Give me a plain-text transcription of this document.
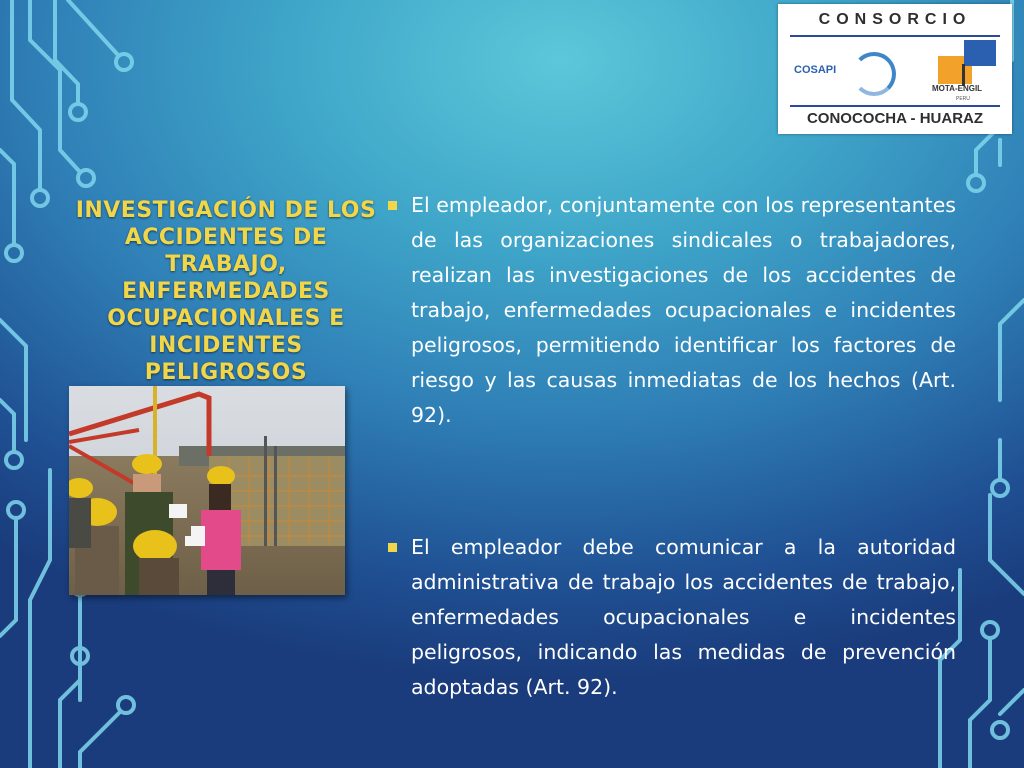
CONSORCIO
COSAPI
MOTA-ENGIL
PERU
CONOCOCHA - HUARAZ
INVESTIGACIÓN DE LOS ACCIDENTES DE TRABAJO, ENFERMEDADES OCUPACIONALES E INCIDENTES PELIGROSOS
El empleador, conjuntamente con los representantes de las organizaciones sindicales o trabajadores, realizan las investigaciones de los accidentes de trabajo, enfermedades ocupacionales e incidentes peligrosos, permitiendo identificar los factores de riesgo y las causas inmediatas de los hechos (Art. 92).
El empleador debe comunicar a la autoridad administrativa de trabajo los accidentes de trabajo, enfermedades ocupacionales e incidentes peligrosos, indicando las medidas de prevención adoptadas (Art. 92).
